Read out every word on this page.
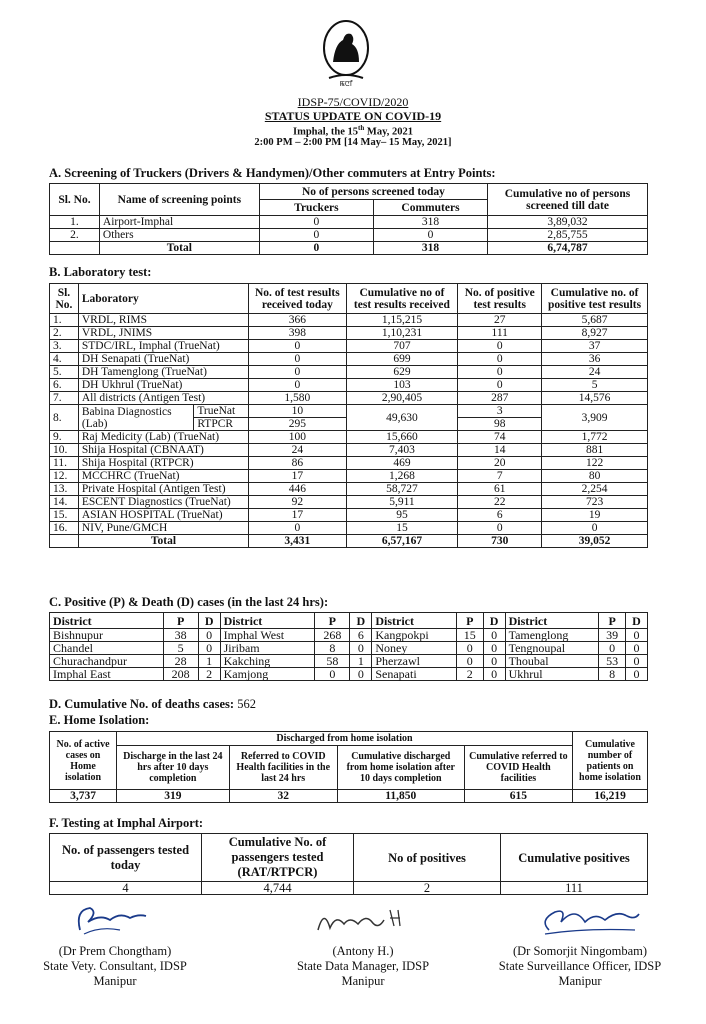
ꯃꯅꯤ
IDSP-75/COVID/2020
STATUS UPDATE ON COVID-19
Imphal, the 15th May, 2021
2:00 PM – 2:00 PM [14 May– 15 May, 2021]
A. Screening of Truckers (Drivers & Handymen)/Other commuters at Entry Points:
Sl. No.	Name of screening points	No of persons screened today		Cumulative no of persons screened till date
		Truckers	Commuters	
1.	Airport-Imphal	0	318	3,89,032
2.	Others	0	0	2,85,755
	Total	0	318	6,74,787
B. Laboratory test:
Sl. No.	Laboratory		No. of test results received today	Cumulative no of test results received	No. of positive test results	Cumulative no. of positive test results
1.	VRDL, RIMS		366	1,15,215	27	5,687
2.	VRDL, JNIMS		398	1,10,231	111	8,927
3.	STDC/IRL, Imphal (TrueNat)		0	707	0	37
4.	DH Senapati (TrueNat)		0	699	0	36
5.	DH Tamenglong (TrueNat)		0	629	0	24
6.	DH Ukhrul (TrueNat)		0	103	0	5
7.	All districts (Antigen Test)		1,580	2,90,405	287	14,576
8.	Babina Diagnostics (Lab)	TrueNat	10	49,630	3	3,909
		RTPCR	295		98	
9.	Raj Medicity (Lab) (TrueNat)		100	15,660	74	1,772
10.	Shija Hospital (CBNAAT)		24	7,403	14	881
11.	Shija Hospital (RTPCR)		86	469	20	122
12.	MCCHRC (TrueNat)		17	1,268	7	80
13.	Private Hospital (Antigen Test)		446	58,727	61	2,254
14.	ESCENT Diagnostics (TrueNat)		92	5,911	22	723
15.	ASIAN HOSPITAL (TrueNat)		17	95	6	19
16.	NIV, Pune/GMCH		0	15	0	0
	Total		3,431	6,57,167	730	39,052
C. Positive (P) & Death (D) cases (in the last 24 hrs):
District	P	D	District	P	D	District	P	D	District	P	D
Bishnupur	38	0	Imphal West	268	6	Kangpokpi	15	0	Tamenglong	39	0
Chandel	5	0	Jiribam	8	0	Noney	0	0	Tengnoupal	0	0
Churachandpur	28	1	Kakching	58	1	Pherzawl	0	0	Thoubal	53	0
Imphal East	208	2	Kamjong	0	0	Senapati	2	0	Ukhrul	8	0
D. Cumulative No. of deaths cases: 562
E. Home Isolation:
No. of active cases on Home isolation	Discharged from home isolation				Cumulative number of patients on home isolation
	Discharge in the last 24 hrs after 10 days completion	Referred to COVID Health facilities in the last 24 hrs	Cumulative discharged from home isolation after 10 days completion	Cumulative referred to COVID Health facilities	
3,737	319	32	11,850	615	16,219
F. Testing at Imphal Airport:
No. of passengers tested today	Cumulative No. of passengers tested (RAT/RTPCR)	No of positives	Cumulative positives
4	4,744	2	111
(Dr Prem Chongtham)
State Vety. Consultant, IDSP
Manipur
(Antony H.)
State Data Manager, IDSP
Manipur
(Dr Somorjit Ningombam)
State Surveillance Officer, IDSP
Manipur
